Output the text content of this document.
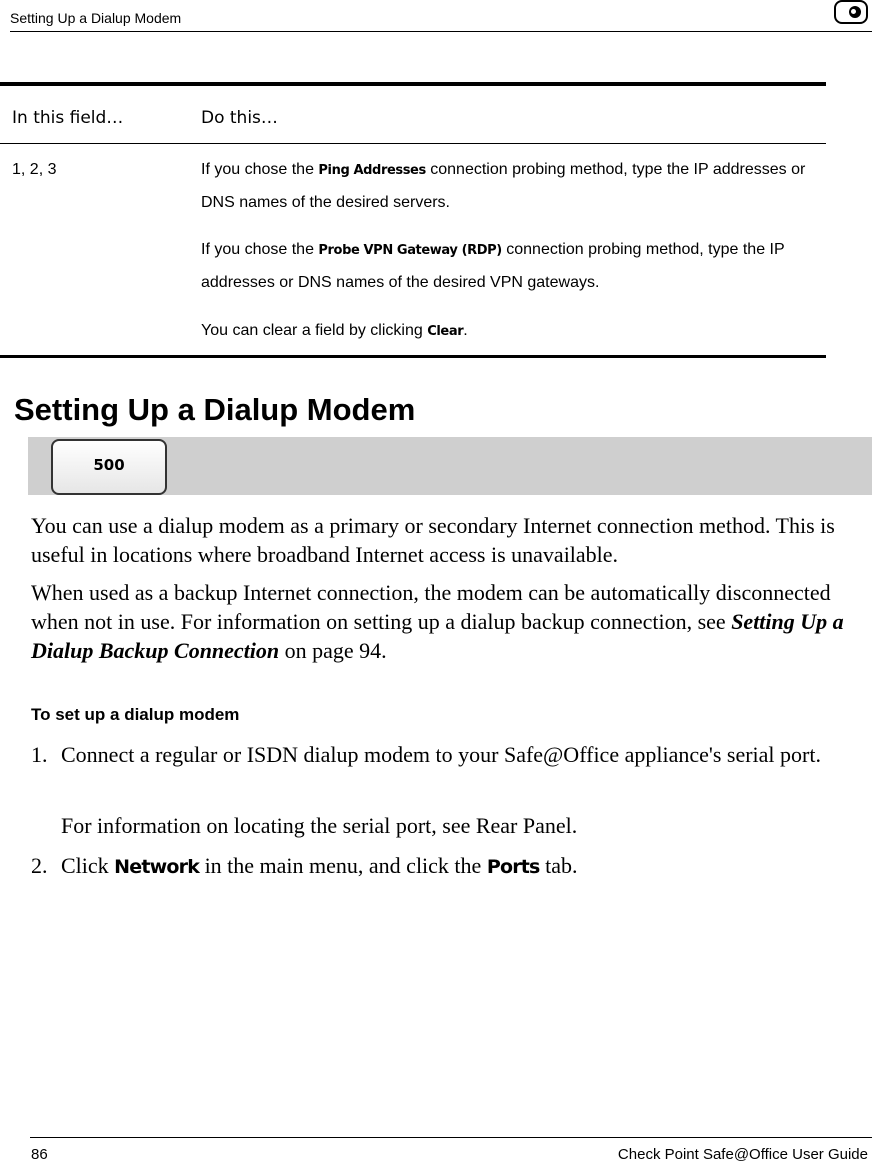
Setting Up a Dialup Modem
In this field…	Do this…
1, 2, 3	If you chose the Ping Addresses connection probing method, type the IP addresses or DNS names of the desired servers.
If you chose the Probe VPN Gateway (RDP) connection probing method, type the IP addresses or DNS names of the desired VPN gateways.
You can clear a field by clicking Clear.
Setting Up a Dialup Modem
500
You can use a dialup modem as a primary or secondary Internet connection method. This is useful in locations where broadband Internet access is unavailable.
When used as a backup Internet connection, the modem can be automatically disconnected when not in use. For information on setting up a dialup backup connection, see Setting Up a Dialup Backup Connection on page 94.
To set up a dialup modem
1. Connect a regular or ISDN dialup modem to your Safe@Office appliance's serial port.
For information on locating the serial port, see Rear Panel.
2. Click Network in the main menu, and click the Ports tab.
86	Check Point Safe@Office User Guide
